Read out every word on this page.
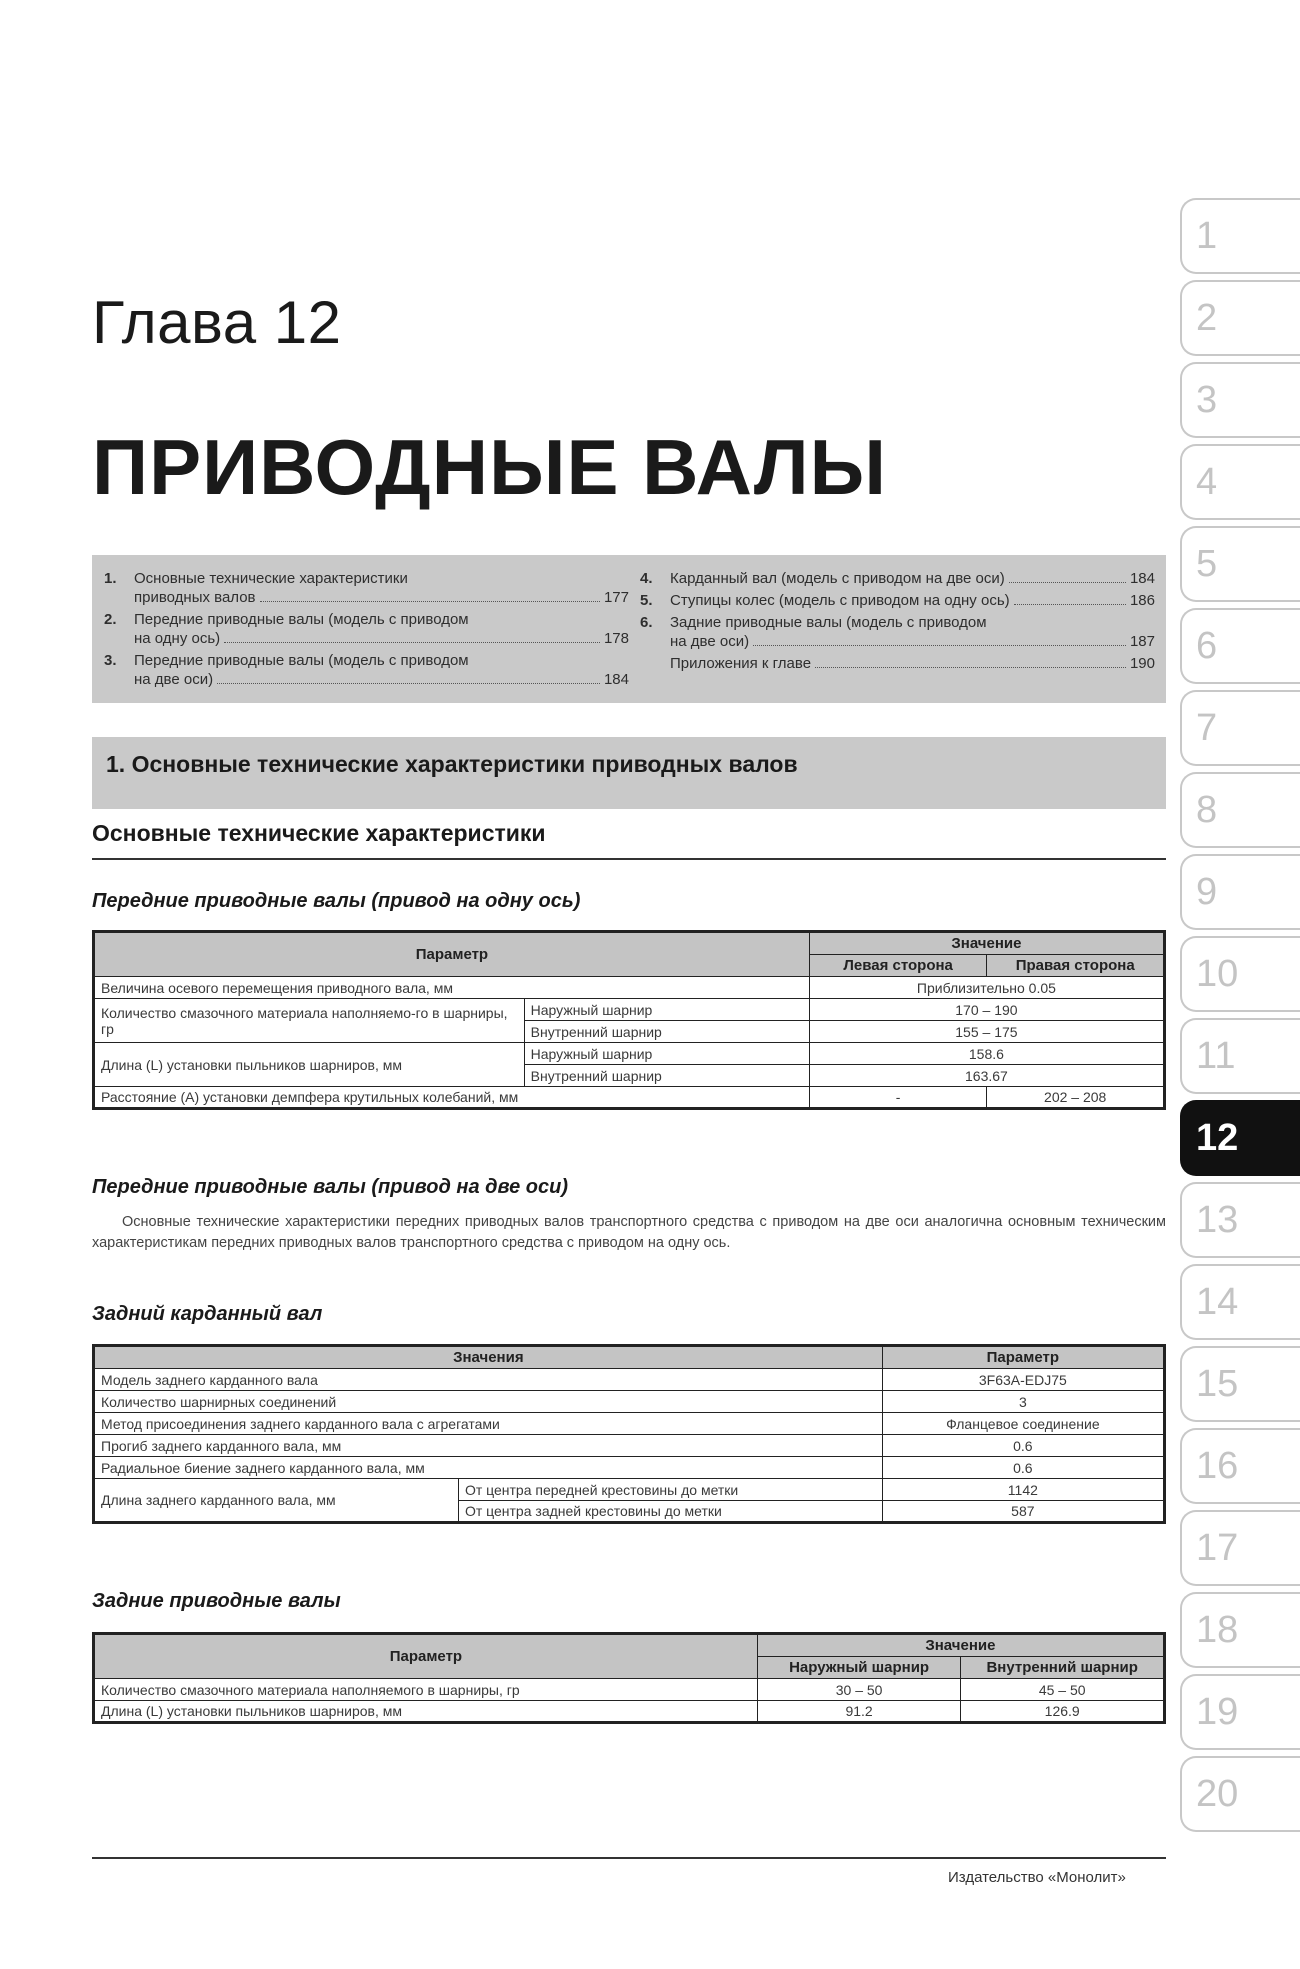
Глава 12
ПРИВОДНЫЕ ВАЛЫ
1.	Основные технические характеристики
приводных валов	177
2.	Передние приводные валы (модель с приводом
на одну ось)	178
3.	Передние приводные валы (модель с приводом
на две оси)	184
4.	Карданный вал (модель с приводом на две оси)	184
5.	Ступицы колес (модель с приводом на одну ось)	186
6.	Задние приводные валы (модель с приводом
на две оси)	187
Приложения к главе	190
1. Основные технические характеристики приводных валов
Основные технические характеристики
Передние приводные валы (привод на одну ось)
Параметр		Значение	
		Левая сторона	Правая сторона
Величина осевого перемещения приводного вала, мм		Приблизительно 0.05	
Количество смазочного материала наполняемо-го в шарниры, гр	Наружный шарнир	170 – 190	
	Внутренний шарнир	155 – 175	
Длина (L) установки пыльников шарниров, мм	Наружный шарнир	158.6	
	Внутренний шарнир	163.67	
Расстояние (A) установки демпфера крутильных колебаний, мм		-	202 – 208
Передние приводные валы (привод на две оси)
Основные технические характеристики передних приводных валов транспортного средства с приводом на две оси аналогична основным техническим характеристикам передних приводных валов транспортного средства с приводом на одну ось.
Задний карданный вал
Значения		Параметр
Модель заднего карданного вала		3F63A-EDJ75
Количество шарнирных соединений		3
Метод присоединения заднего карданного вала с агрегатами		Фланцевое соединение
Прогиб заднего карданного вала, мм		0.6
Радиальное биение заднего карданного вала, мм		0.6
Длина заднего карданного вала, мм	От центра передней крестовины до метки	1142
	От центра задней крестовины до метки	587
Задние приводные валы
Параметр	Значение	
	Наружный шарнир	Внутренний шарнир
Количество смазочного материала наполняемого в шарниры, гр	30 – 50	45 – 50
Длина (L) установки пыльников шарниров, мм	91.2	126.9
Издательство «Монолит»
1
2
3
4
5
6
7
8
9
10
11
12
13
14
15
16
17
18
19
20
